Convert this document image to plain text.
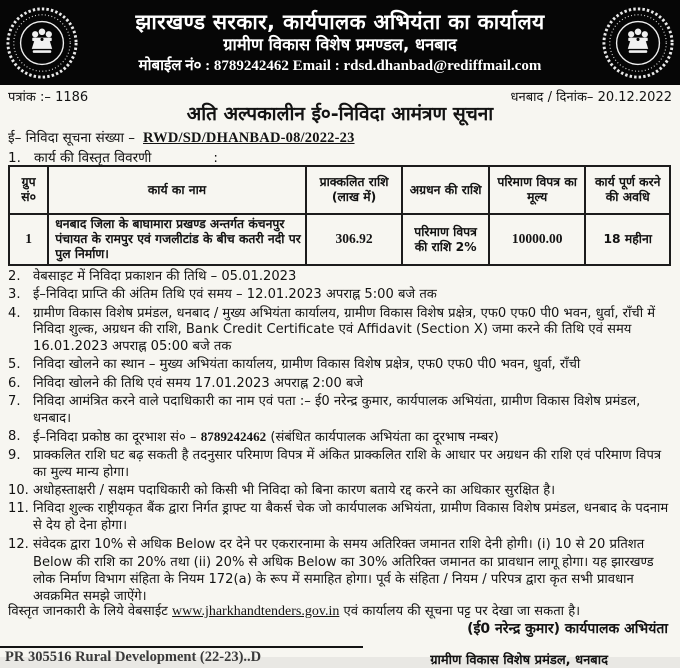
झारखण्ड सरकार, कार्यपालक अभियंता का कार्यालय
ग्रामीण विकास विशेष प्रमण्डल, धनबाद
मोबाईल नं० : 8789242462 Email : rdsd.dhanbad@rediffmail.com
पत्रांक :– 1186	धनबाद / दिनांक– 20.12.2022
अति अल्पकालीन ई०-निविदा आमंत्रण सूचना
ई– निविदा सूचना संख्या – RWD/SD/DHANBAD-08/2022-23
1. कार्य की विस्तृत विवरणी	:
ग्रुप सं०	कार्य का नाम	प्राक्कलित राशि (लाख में)	अग्रधन की राशि	परिमाण विपत्र का मूल्य	कार्य पूर्ण करने की अवधि
1	धनबाद जिला के बाघामारा प्रखण्ड अन्तर्गत कंचनपुर पंचायत के रामपुर एवं गजलीटांड के बीच कतरी नदी पर पुल निर्माण।	306.92	परिमाण विपत्र की राशि 2%	10000.00	18 महीना
2. वेबसाइट में निविदा प्रकाशन की तिथि – 05.01.2023
3. ई–निविदा प्राप्ति की अंतिम तिथि एवं समय – 12.01.2023 अपराह्न 5:00 बजे तक
4. ग्रामीण विकास विशेष प्रमंडल, धनबाद / मुख्य अभियंता कार्यालय, ग्रामीण विकास विशेष प्रक्षेत्र, एफ0 एफ0 पी0 भवन, धुर्वा, राँची में निविदा शुल्क, अग्रधन की राशि, Bank Credit Certificate एवं Affidavit (Section X) जमा करने की तिथि एवं समय 16.01.2023 अपराह्न 05:00 बजे तक
5. निविदा खोलने का स्थान – मुख्य अभियंता कार्यालय, ग्रामीण विकास विशेष प्रक्षेत्र, एफ0 एफ0 पी0 भवन, धुर्वा, राँची
6. निविदा खोलने की तिथि एवं समय 17.01.2023 अपराह्न 2:00 बजे
7. निविदा आमंत्रित करने वाले पदाधिकारी का नाम एवं पता :– ई0 नरेन्द्र कुमार, कार्यपालक अभियंता, ग्रामीण विकास विशेष प्रमंडल, धनबाद।
8. ई–निविदा प्रकोष्ठ का दूरभाश सं० – 8789242462 (संबंधित कार्यपालक अभियंता का दूरभाष नम्बर)
9. प्राक्कलित राशि घट बढ़ सकती है तदनुसार परिमाण विपत्र में अंकित प्राक्कलित राशि के आधार पर अग्रधन की राशि एवं परिमाण विपत्र का मुल्य मान्य होगा।
10. अधोहस्ताक्षरी / सक्षम पदाधिकारी को किसी भी निविदा को बिना कारण बताये रद्द करने का अधिकार सुरक्षित है।
11. निविदा शुल्क राष्ट्रीयकृत बैंक द्वारा निर्गत ड्राफ्ट या बैकर्स चेक जो कार्यपालक अभियंता, ग्रामीण विकास विशेष प्रमंडल, धनबाद के पदनाम से देय हो देना होगा।
12. संवेदक द्वारा 10% से अधिक Below दर देने पर एकरारनामा के समय अतिरिक्त जमानत राशि देनी होगी। (i) 10 से 20 प्रतिशत Below की राशि का 20% तथा (ii) 20% से अधिक Below का 30% अतिरिक्त जमानत का प्रावधान लागू होगा। यह झारखण्ड लोक निर्माण विभाग संहिता के नियम 172(a) के रूप में समाहित होगा। पूर्व के संहिता / नियम / परिपत्र द्वारा कृत सभी प्रावधान अवक्रमित समझे जाऐंगे।
विस्तृत जानकारी के लिये वेबसाईट www.jharkhandtenders.gov.in एवं कार्यालय की सूचना पट्ट पर देखा जा सकता है।
(ई0 नरेन्द्र कुमार) कार्यपालक अभियंता
PR 305516 Rural Development (22-23)..D	ग्रामीण विकास विशेष प्रमंडल, धनबाद
